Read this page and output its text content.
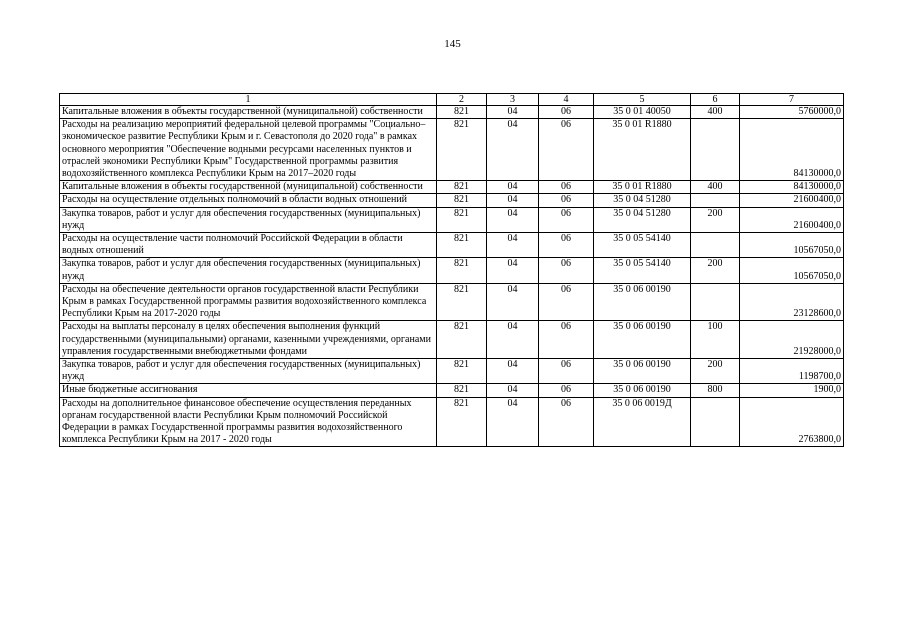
145
1	2	3	4	5	6	7
Капитальные вложения в объекты государственной (муниципальной) собственности	821	04	06	35 0 01 40050	400	5760000,0
Расходы на реализацию мероприятий федеральной целевой программы "Социально–экономическое развитие Республики Крым и г. Севастополя до 2020 года" в рамках основного мероприятия "Обеспечение водными ресурсами населенных пунктов и отраслей экономики Республики Крым" Государственной программы развития водохозяйственного комплекса Республики Крым на 2017–2020 годы	821	04	06	35 0 01 R1880		84130000,0
Капитальные вложения в объекты государственной (муниципальной) собственности	821	04	06	35 0 01 R1880	400	84130000,0
Расходы на осуществление отдельных полномочий в области водных отношений	821	04	06	35 0 04 51280		21600400,0
Закупка товаров, работ и услуг для обеспечения государственных (муниципальных) нужд	821	04	06	35 0 04 51280	200	21600400,0
Расходы на осуществление части полномочий Российской Федерации в области водных отношений	821	04	06	35 0 05 54140		10567050,0
Закупка товаров, работ и услуг для обеспечения государственных (муниципальных) нужд	821	04	06	35 0 05 54140	200	10567050,0
Расходы на обеспечение деятельности органов государственной власти Республики Крым в рамках Государственной программы развития водохозяйственного комплекса Республики Крым на 2017-2020 годы	821	04	06	35 0 06 00190		23128600,0
Расходы на выплаты персоналу в целях обеспечения выполнения функций государственными (муниципальными) органами, казенными учреждениями, органами управления государственными внебюджетными фондами	821	04	06	35 0 06 00190	100	21928000,0
Закупка товаров, работ и услуг для обеспечения государственных (муниципальных) нужд	821	04	06	35 0 06 00190	200	1198700,0
Иные бюджетные ассигнования	821	04	06	35 0 06 00190	800	1900,0
Расходы на дополнительное финансовое обеспечение осуществления переданных органам государственной власти Республики Крым полномочий Российской Федерации в рамках Государственной программы развития водохозяйственного комплекса Республики Крым на 2017 - 2020 годы	821	04	06	35 0 06 0019Д		2763800,0
